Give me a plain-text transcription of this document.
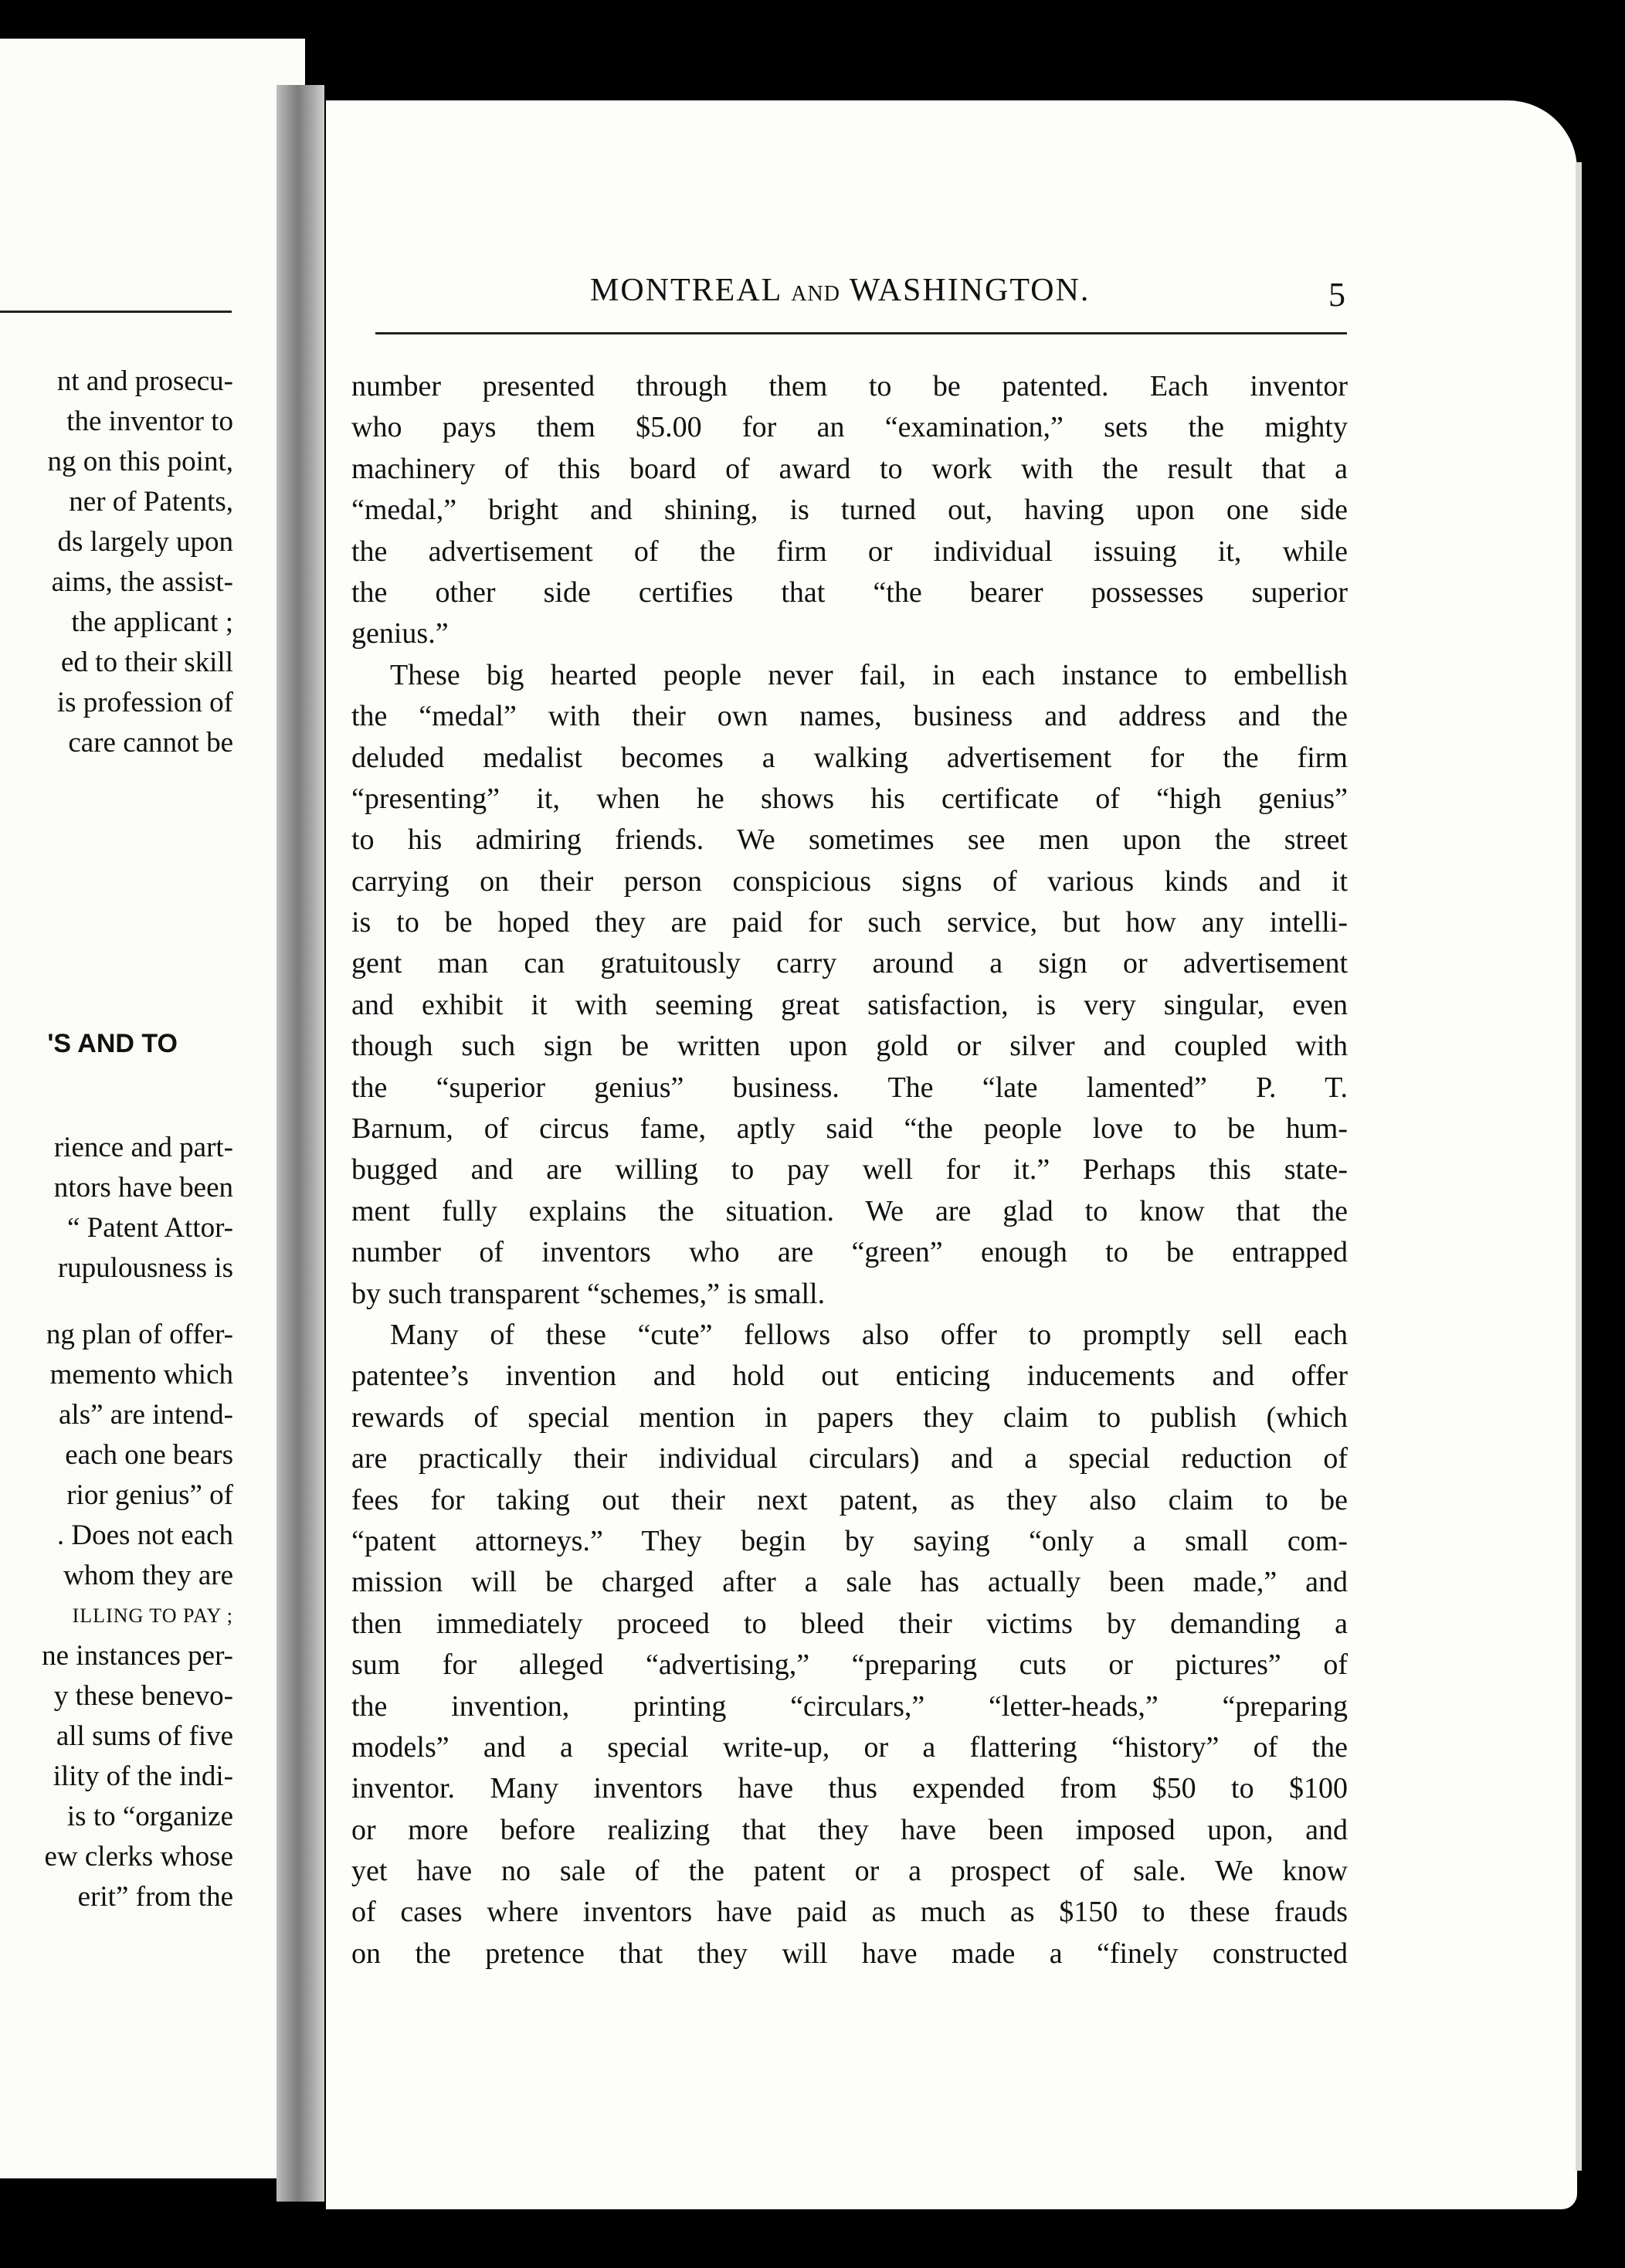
nt and prosecu-
the inventor to
ng on this point,
ner of Patents,
ds largely upon
aims, the assist-
the applicant ;
ed to their skill
is profession of
care cannot be
'S AND TO
rience and part-
ntors have been
“ Patent Attor-
rupulousness is
ng plan of offer-
memento which
als” are intend-
each one bears
rior genius” of
. Does not each
whom they are
ILLING TO PAY ;
ne instances per-
y these benevo-
all sums of five
ility of the indi-
is to “organize
ew clerks whose
erit” from the
MONTREAL AND WASHINGTON.	5
number presented through them to be patented. Each inventor
who pays them $5.00 for an “examination,” sets the mighty
machinery of this board of award to work with the result that a
“medal,” bright and shining, is turned out, having upon one side
the advertisement of the firm or individual issuing it, while
the other side certifies that “the bearer possesses superior
genius.”
These big hearted people never fail, in each instance to embellish
the “medal” with their own names, business and address and the
deluded medalist becomes a walking advertisement for the firm
“presenting” it, when he shows his certificate of “high genius”
to his admiring friends. We sometimes see men upon the street
carrying on their person conspicious signs of various kinds and it
is to be hoped they are paid for such service, but how any intelli-
gent man can gratuitously carry around a sign or advertisement
and exhibit it with seeming great satisfaction, is very singular, even
though such sign be written upon gold or silver and coupled with
the “superior genius” business. The “late lamented” P. T.
Barnum, of circus fame, aptly said “the people love to be hum-
bugged and are willing to pay well for it.” Perhaps this state-
ment fully explains the situation. We are glad to know that the
number of inventors who are “green” enough to be entrapped
by such transparent “schemes,” is small.
Many of these “cute” fellows also offer to promptly sell each
patentee’s invention and hold out enticing inducements and offer
rewards of special mention in papers they claim to publish (which
are practically their individual circulars) and a special reduction of
fees for taking out their next patent, as they also claim to be
“patent attorneys.” They begin by saying “only a small com-
mission will be charged after a sale has actually been made,” and
then immediately proceed to bleed their victims by demanding a
sum for alleged “advertising,” “preparing cuts or pictures” of
the invention, printing “circulars,” “letter-heads,” “preparing
models” and a special write-up, or a flattering “history” of the
inventor. Many inventors have thus expended from $50 to $100
or more before realizing that they have been imposed upon, and
yet have no sale of the patent or a prospect of sale. We know
of cases where inventors have paid as much as $150 to these frauds
on the pretence that they will have made a “finely constructed
